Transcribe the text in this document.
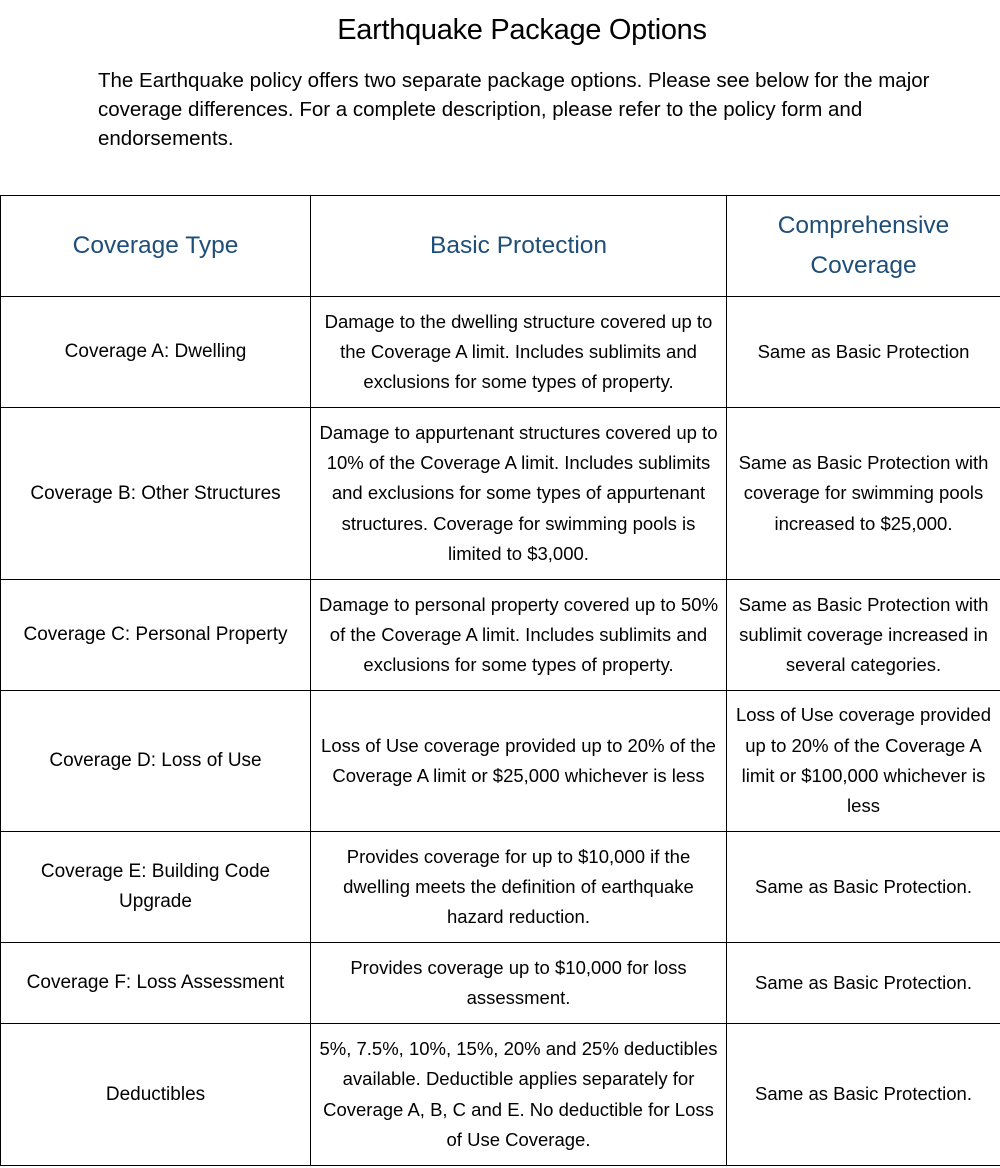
Earthquake Package Options
The Earthquake policy offers two separate package options. Please see below for the major coverage differences. For a complete description, please refer to the policy form and endorsements.
Coverage Type	Basic Protection	Comprehensive Coverage
Coverage A: Dwelling	Damage to the dwelling structure covered up to the Coverage A limit. Includes sublimits and exclusions for some types of property.	Same as Basic Protection
Coverage B: Other Structures	Damage to appurtenant structures covered up to 10% of the Coverage A limit. Includes sublimits and exclusions for some types of appurtenant structures. Coverage for swimming pools is limited to $3,000.	Same as Basic Protection with coverage for swimming pools increased to $25,000.
Coverage C: Personal Property	Damage to personal property covered up to 50% of the Coverage A limit. Includes sublimits and exclusions for some types of property.	Same as Basic Protection with sublimit coverage increased in several categories.
Coverage D: Loss of Use	Loss of Use coverage provided up to 20% of the Coverage A limit or $25,000 whichever is less	Loss of Use coverage provided up to 20% of the Coverage A limit or $100,000 whichever is less
Coverage E: Building Code Upgrade	Provides coverage for up to $10,000 if the dwelling meets the definition of earthquake hazard reduction.	Same as Basic Protection.
Coverage F: Loss Assessment	Provides coverage up to $10,000 for loss assessment.	Same as Basic Protection.
Deductibles	5%, 7.5%, 10%, 15%, 20% and 25% deductibles available. Deductible applies separately for Coverage A, B, C and E. No deductible for Loss of Use Coverage.	Same as Basic Protection.
